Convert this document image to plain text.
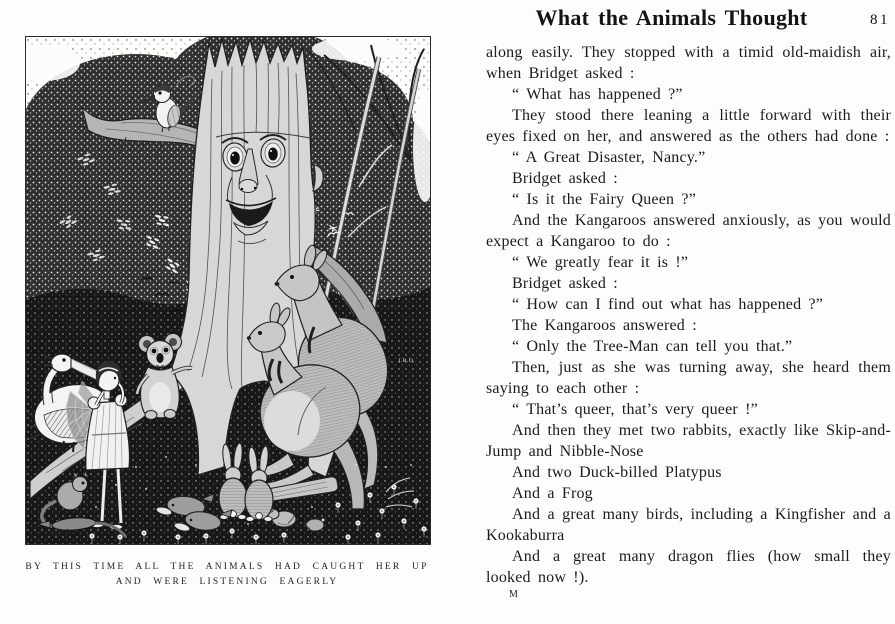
I.R.O
BY THIS TIME ALL THE ANIMALS HAD CAUGHT HER UP
AND WERE LISTENING EAGERLY
What the Animals Thought	81

along easily. They stopped with a timid old-maidish air, when Bridget asked :

“ What has happened ?”

They stood there leaning a little forward with their eyes fixed on her, and answered as the others had done :

“ A Great Disaster, Nancy.”

Bridget asked :

“ Is it the Fairy Queen ?”

And the Kangaroos answered anxiously, as you would expect a Kangaroo to do :

“ We greatly fear it is !”

Bridget asked :

“ How can I find out what has happened ?”

The Kangaroos answered :

“ Only the Tree-Man can tell you that.”

Then, just as she was turning away, she heard them saying to each other :

“ That’s queer, that’s very queer !”

And then they met two rabbits, exactly like Skip-and-Jump and Nibble-Nose

And two Duck-billed Platypus

And a Frog

And a great many birds, including a Kingfisher and a Kookaburra

And a great many dragon flies (how small they looked now !).

M
